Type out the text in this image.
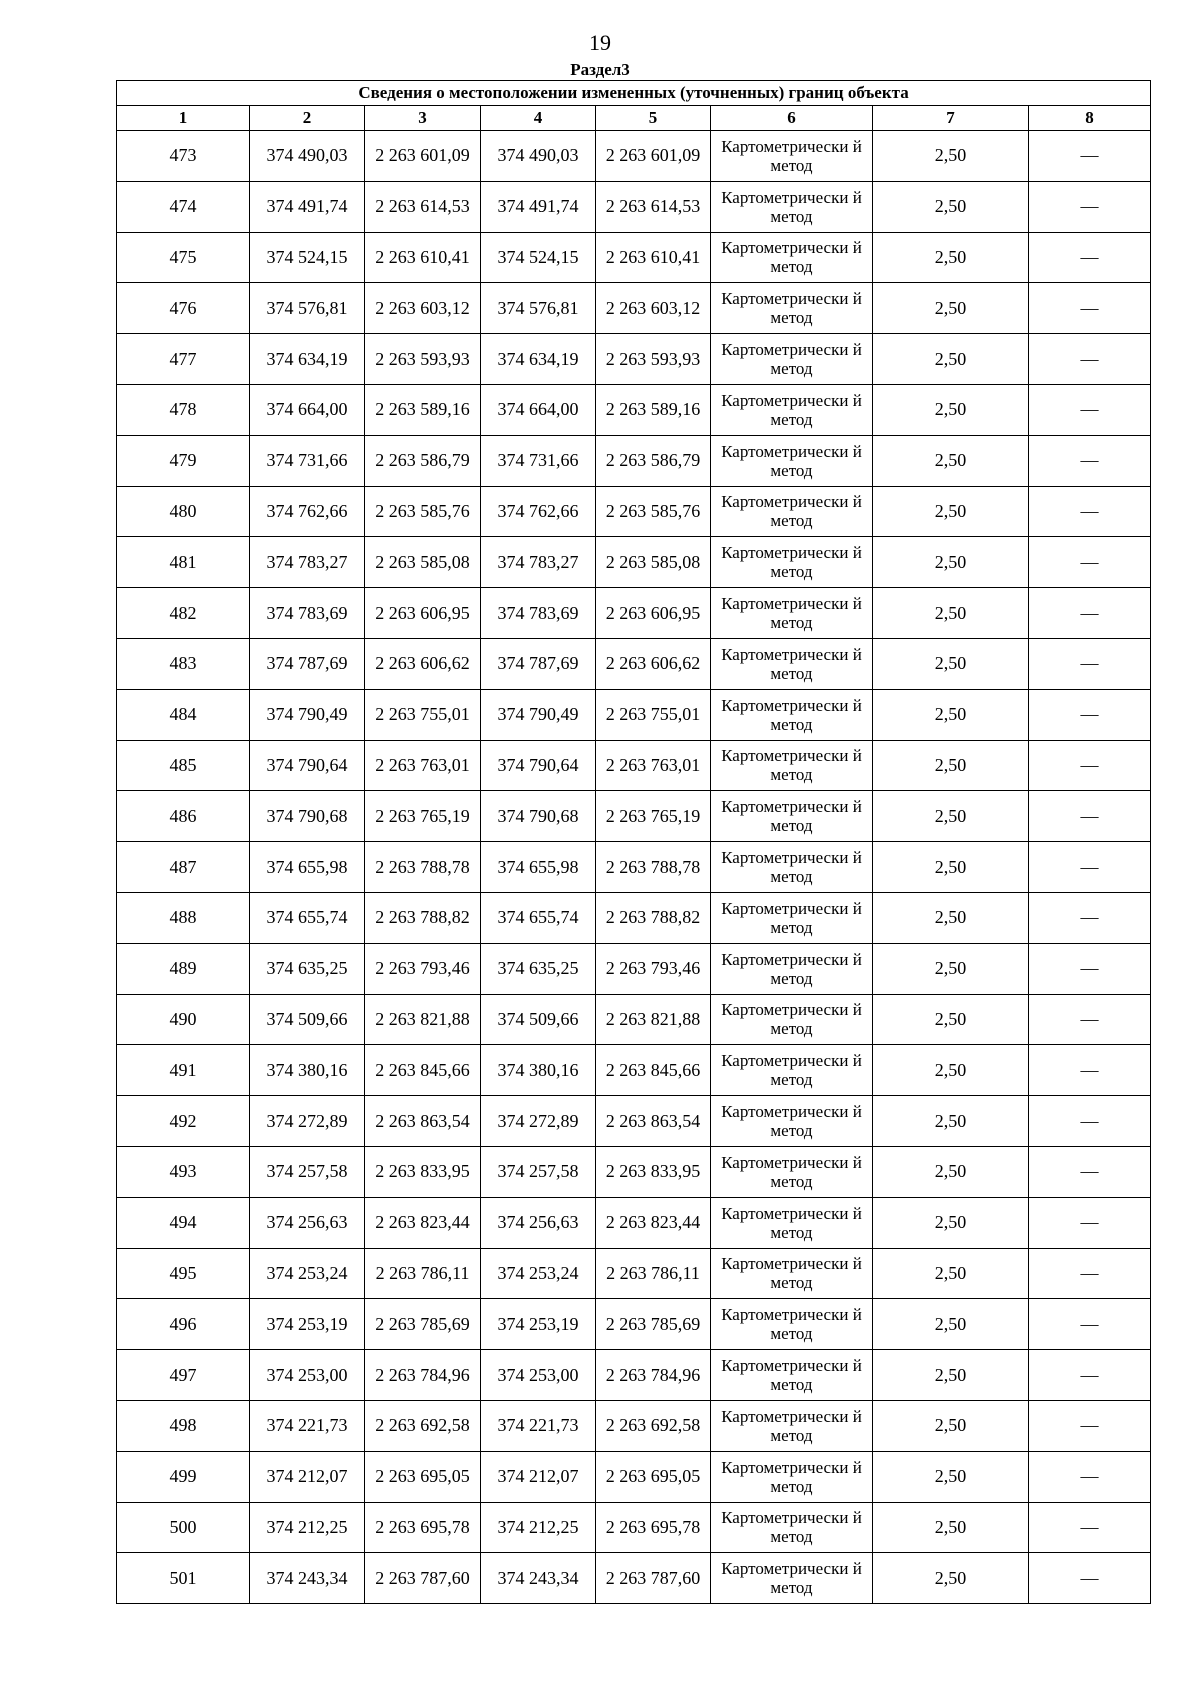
19
Раздел3
Сведения о местоположении измененных (уточненных) границ объекта							
1	2	3	4	5	6	7	8
473	374 490,03	2 263 601,09	374 490,03	2 263 601,09	Картометрически й метод	2,50	—
474	374 491,74	2 263 614,53	374 491,74	2 263 614,53	Картометрически й метод	2,50	—
475	374 524,15	2 263 610,41	374 524,15	2 263 610,41	Картометрически й метод	2,50	—
476	374 576,81	2 263 603,12	374 576,81	2 263 603,12	Картометрически й метод	2,50	—
477	374 634,19	2 263 593,93	374 634,19	2 263 593,93	Картометрически й метод	2,50	—
478	374 664,00	2 263 589,16	374 664,00	2 263 589,16	Картометрически й метод	2,50	—
479	374 731,66	2 263 586,79	374 731,66	2 263 586,79	Картометрически й метод	2,50	—
480	374 762,66	2 263 585,76	374 762,66	2 263 585,76	Картометрически й метод	2,50	—
481	374 783,27	2 263 585,08	374 783,27	2 263 585,08	Картометрически й метод	2,50	—
482	374 783,69	2 263 606,95	374 783,69	2 263 606,95	Картометрически й метод	2,50	—
483	374 787,69	2 263 606,62	374 787,69	2 263 606,62	Картометрически й метод	2,50	—
484	374 790,49	2 263 755,01	374 790,49	2 263 755,01	Картометрически й метод	2,50	—
485	374 790,64	2 263 763,01	374 790,64	2 263 763,01	Картометрически й метод	2,50	—
486	374 790,68	2 263 765,19	374 790,68	2 263 765,19	Картометрически й метод	2,50	—
487	374 655,98	2 263 788,78	374 655,98	2 263 788,78	Картометрически й метод	2,50	—
488	374 655,74	2 263 788,82	374 655,74	2 263 788,82	Картометрически й метод	2,50	—
489	374 635,25	2 263 793,46	374 635,25	2 263 793,46	Картометрически й метод	2,50	—
490	374 509,66	2 263 821,88	374 509,66	2 263 821,88	Картометрически й метод	2,50	—
491	374 380,16	2 263 845,66	374 380,16	2 263 845,66	Картометрически й метод	2,50	—
492	374 272,89	2 263 863,54	374 272,89	2 263 863,54	Картометрически й метод	2,50	—
493	374 257,58	2 263 833,95	374 257,58	2 263 833,95	Картометрически й метод	2,50	—
494	374 256,63	2 263 823,44	374 256,63	2 263 823,44	Картометрически й метод	2,50	—
495	374 253,24	2 263 786,11	374 253,24	2 263 786,11	Картометрически й метод	2,50	—
496	374 253,19	2 263 785,69	374 253,19	2 263 785,69	Картометрически й метод	2,50	—
497	374 253,00	2 263 784,96	374 253,00	2 263 784,96	Картометрически й метод	2,50	—
498	374 221,73	2 263 692,58	374 221,73	2 263 692,58	Картометрически й метод	2,50	—
499	374 212,07	2 263 695,05	374 212,07	2 263 695,05	Картометрически й метод	2,50	—
500	374 212,25	2 263 695,78	374 212,25	2 263 695,78	Картометрически й метод	2,50	—
501	374 243,34	2 263 787,60	374 243,34	2 263 787,60	Картометрически й метод	2,50	—
